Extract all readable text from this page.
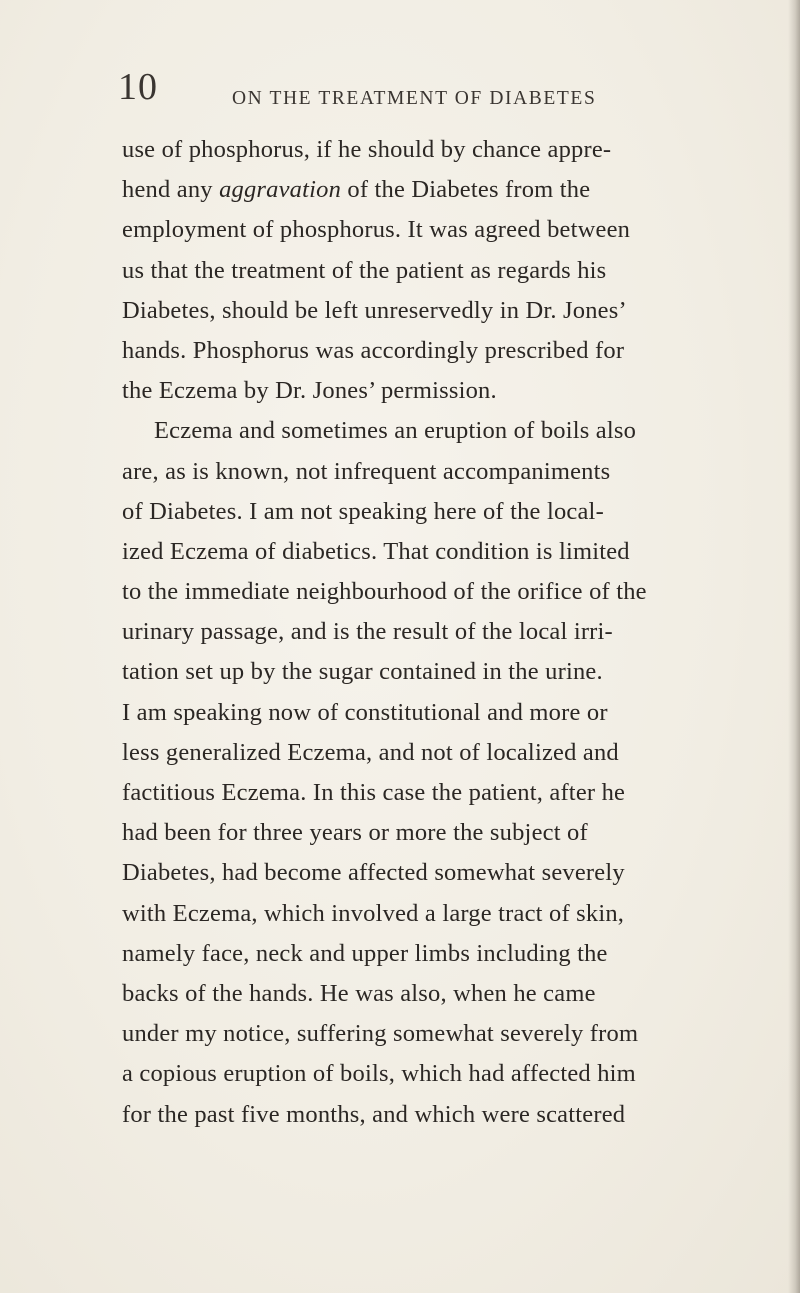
10	ON THE TREATMENT OF DIABETES
use of phosphorus, if he should by chance appre-
hend any aggravation of the Diabetes from the
employment of phosphorus. It was agreed between
us that the treatment of the patient as regards his
Diabetes, should be left unreservedly in Dr. Jones’
hands. Phosphorus was accordingly prescribed for
the Eczema by Dr. Jones’ permission.
Eczema and sometimes an eruption of boils also
are, as is known, not infrequent accompaniments
of Diabetes. I am not speaking here of the local-
ized Eczema of diabetics. That condition is limited
to the immediate neighbourhood of the orifice of the
urinary passage, and is the result of the local irri-
tation set up by the sugar contained in the urine.
I am speaking now of constitutional and more or
less generalized Eczema, and not of localized and
factitious Eczema. In this case the patient, after he
had been for three years or more the subject of
Diabetes, had become affected somewhat severely
with Eczema, which involved a large tract of skin,
namely face, neck and upper limbs including the
backs of the hands. He was also, when he came
under my notice, suffering somewhat severely from
a copious eruption of boils, which had affected him
for the past five months, and which were scattered
